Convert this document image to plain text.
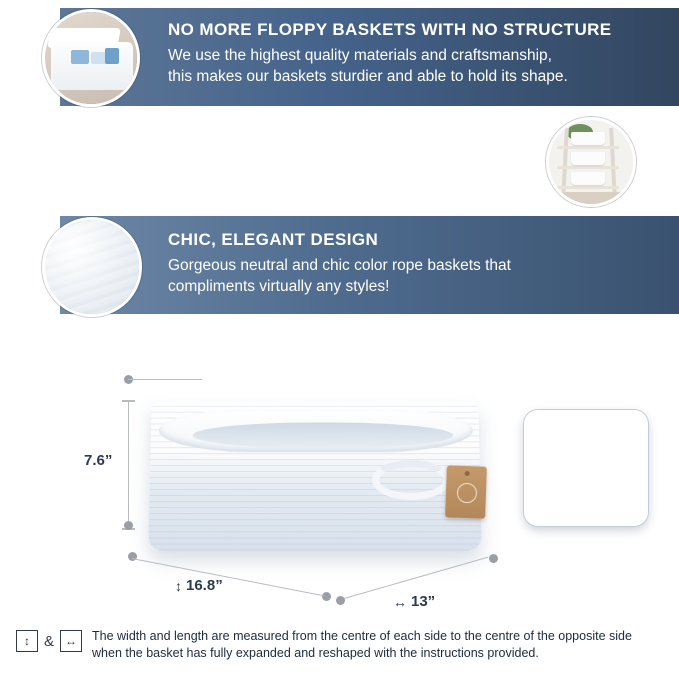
NO MORE FLOPPY BASKETS WITH NO STRUCTURE

We use the highest quality materials and craftsmanship,
this makes our baskets sturdier and able to hold its shape.

OUR UNIQUE PACKAGING

With our folding method, it leaves minimal creases
that can be reshaped with the instructions provided.

CHIC, ELEGANT DESIGN

Gorgeous neutral and chic color rope baskets that
compliments virtually any styles!

7.6”
↕ 16.8”
↔ 13”
3
PACK
↕ & ↔	The width and length are measured from the centre of each side to the centre of the opposite side
when the basket has fully expanded and reshaped with the instructions provided.
